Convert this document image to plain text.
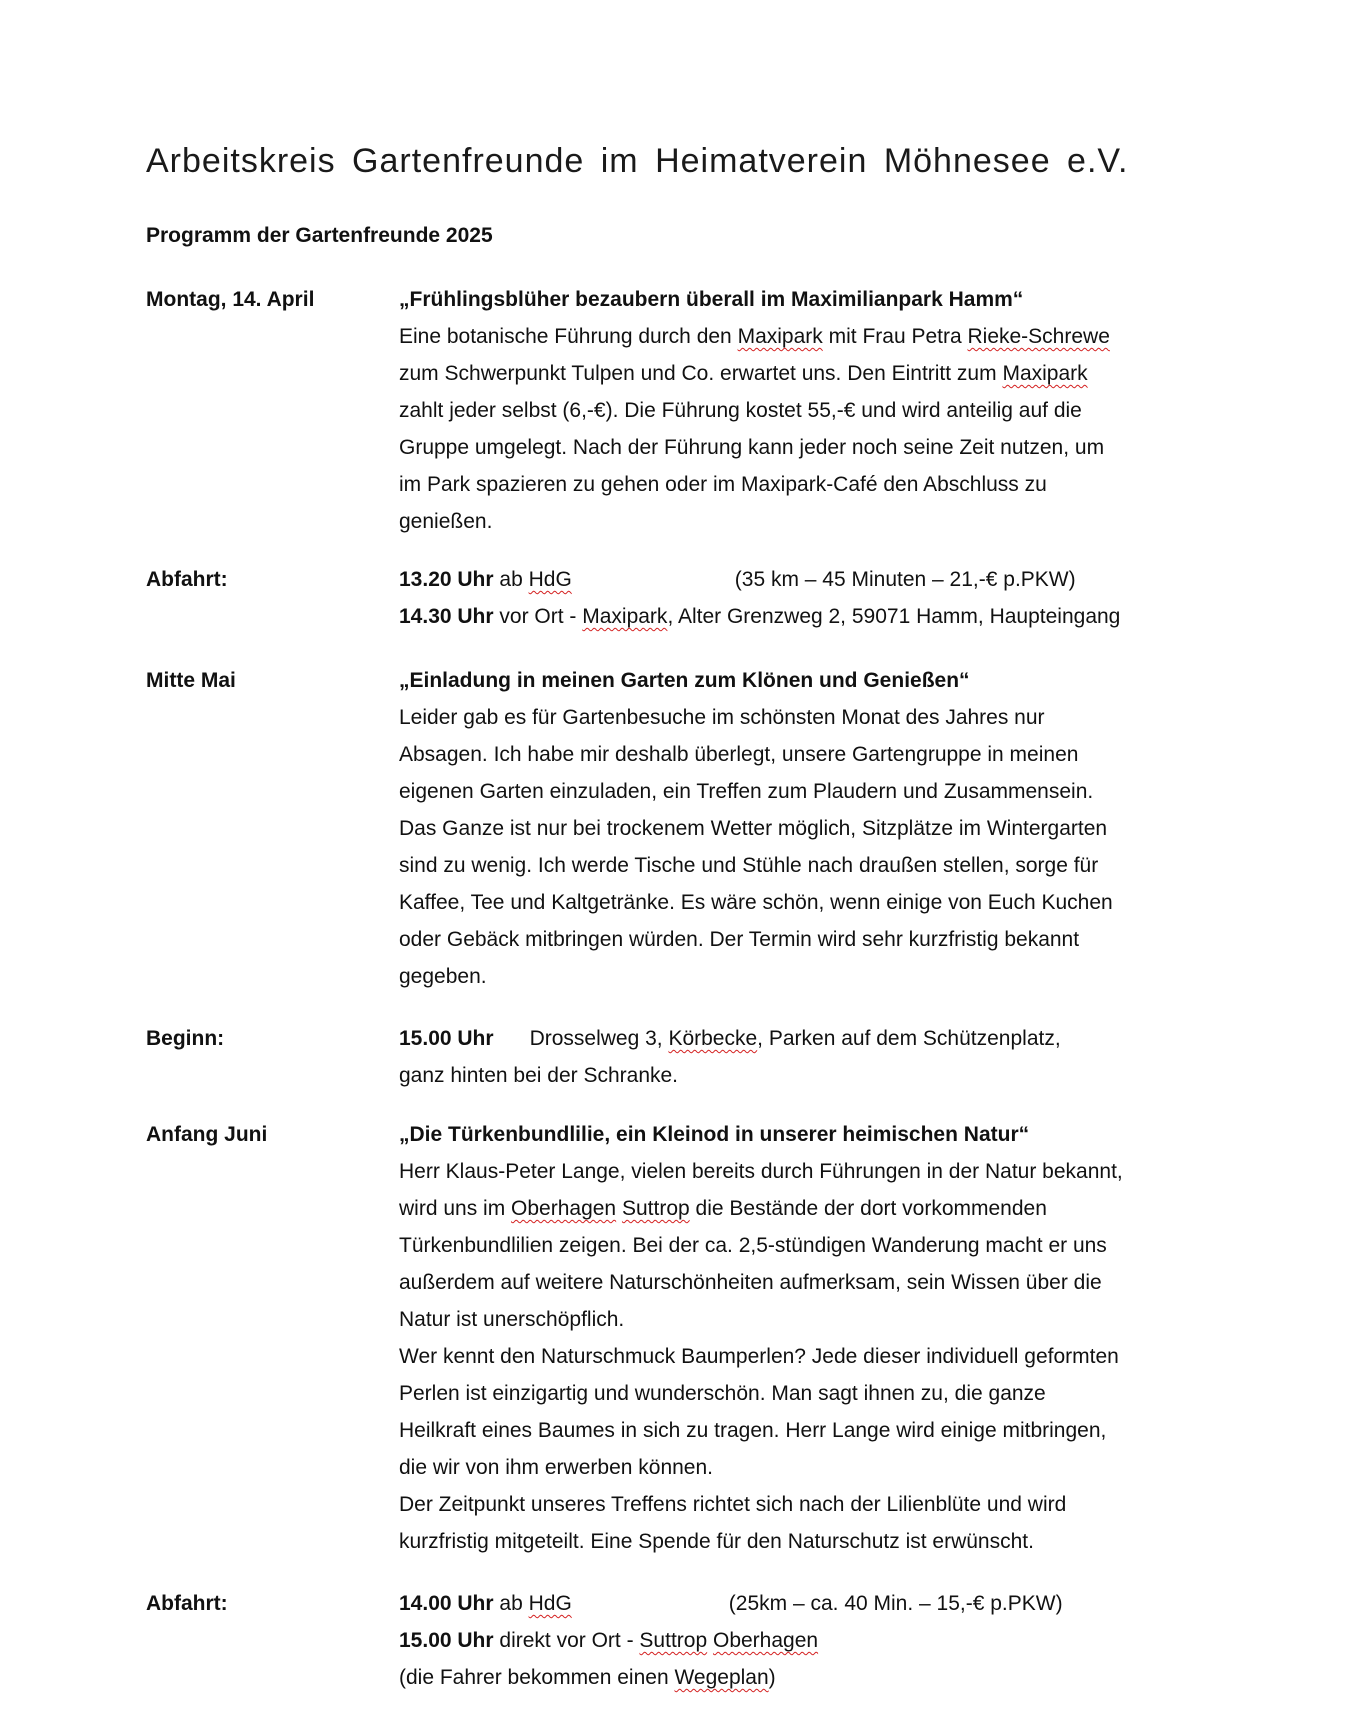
Arbeitskreis Gartenfreunde im Heimatverein Möhnesee e.V.
Programm der Gartenfreunde 2025
Montag, 14. April	„Frühlingsblüher bezaubern überall im Maximilianpark Hamm“
Eine botanische Führung durch den Maxipark mit Frau Petra Rieke-Schrewe
zum Schwerpunkt Tulpen und Co. erwartet uns. Den Eintritt zum Maxipark
zahlt jeder selbst (6,-€). Die Führung kostet 55,-€ und wird anteilig auf die
Gruppe umgelegt. Nach der Führung kann jeder noch seine Zeit nutzen, um
im Park spazieren zu gehen oder im Maxipark-Café den Abschluss zu
genießen.
Abfahrt:	13.20 Uhr ab HdG	(35 km – 45 Minuten – 21,-€ p.PKW)
14.30 Uhr vor Ort - Maxipark, Alter Grenzweg 2, 59071 Hamm, Haupteingang
Mitte Mai	„Einladung in meinen Garten zum Klönen und Genießen“
Leider gab es für Gartenbesuche im schönsten Monat des Jahres nur
Absagen. Ich habe mir deshalb überlegt, unsere Gartengruppe in meinen
eigenen Garten einzuladen, ein Treffen zum Plaudern und Zusammensein.
Das Ganze ist nur bei trockenem Wetter möglich, Sitzplätze im Wintergarten
sind zu wenig. Ich werde Tische und Stühle nach draußen stellen, sorge für
Kaffee, Tee und Kaltgetränke. Es wäre schön, wenn einige von Euch Kuchen
oder Gebäck mitbringen würden. Der Termin wird sehr kurzfristig bekannt
gegeben.
Beginn:	15.00 Uhr Drosselweg 3, Körbecke, Parken auf dem Schützenplatz,
ganz hinten bei der Schranke.
Anfang Juni	„Die Türkenbundlilie, ein Kleinod in unserer heimischen Natur“
Herr Klaus-Peter Lange, vielen bereits durch Führungen in der Natur bekannt,
wird uns im Oberhagen Suttrop die Bestände der dort vorkommenden
Türkenbundlilien zeigen. Bei der ca. 2,5-stündigen Wanderung macht er uns
außerdem auf weitere Naturschönheiten aufmerksam, sein Wissen über die
Natur ist unerschöpflich.
Wer kennt den Naturschmuck Baumperlen? Jede dieser individuell geformten
Perlen ist einzigartig und wunderschön. Man sagt ihnen zu, die ganze
Heilkraft eines Baumes in sich zu tragen. Herr Lange wird einige mitbringen,
die wir von ihm erwerben können.
Der Zeitpunkt unseres Treffens richtet sich nach der Lilienblüte und wird
kurzfristig mitgeteilt. Eine Spende für den Naturschutz ist erwünscht.
Abfahrt:	14.00 Uhr ab HdG	(25km – ca. 40 Min. – 15,-€ p.PKW)
15.00 Uhr direkt vor Ort - Suttrop Oberhagen
(die Fahrer bekommen einen Wegeplan)
